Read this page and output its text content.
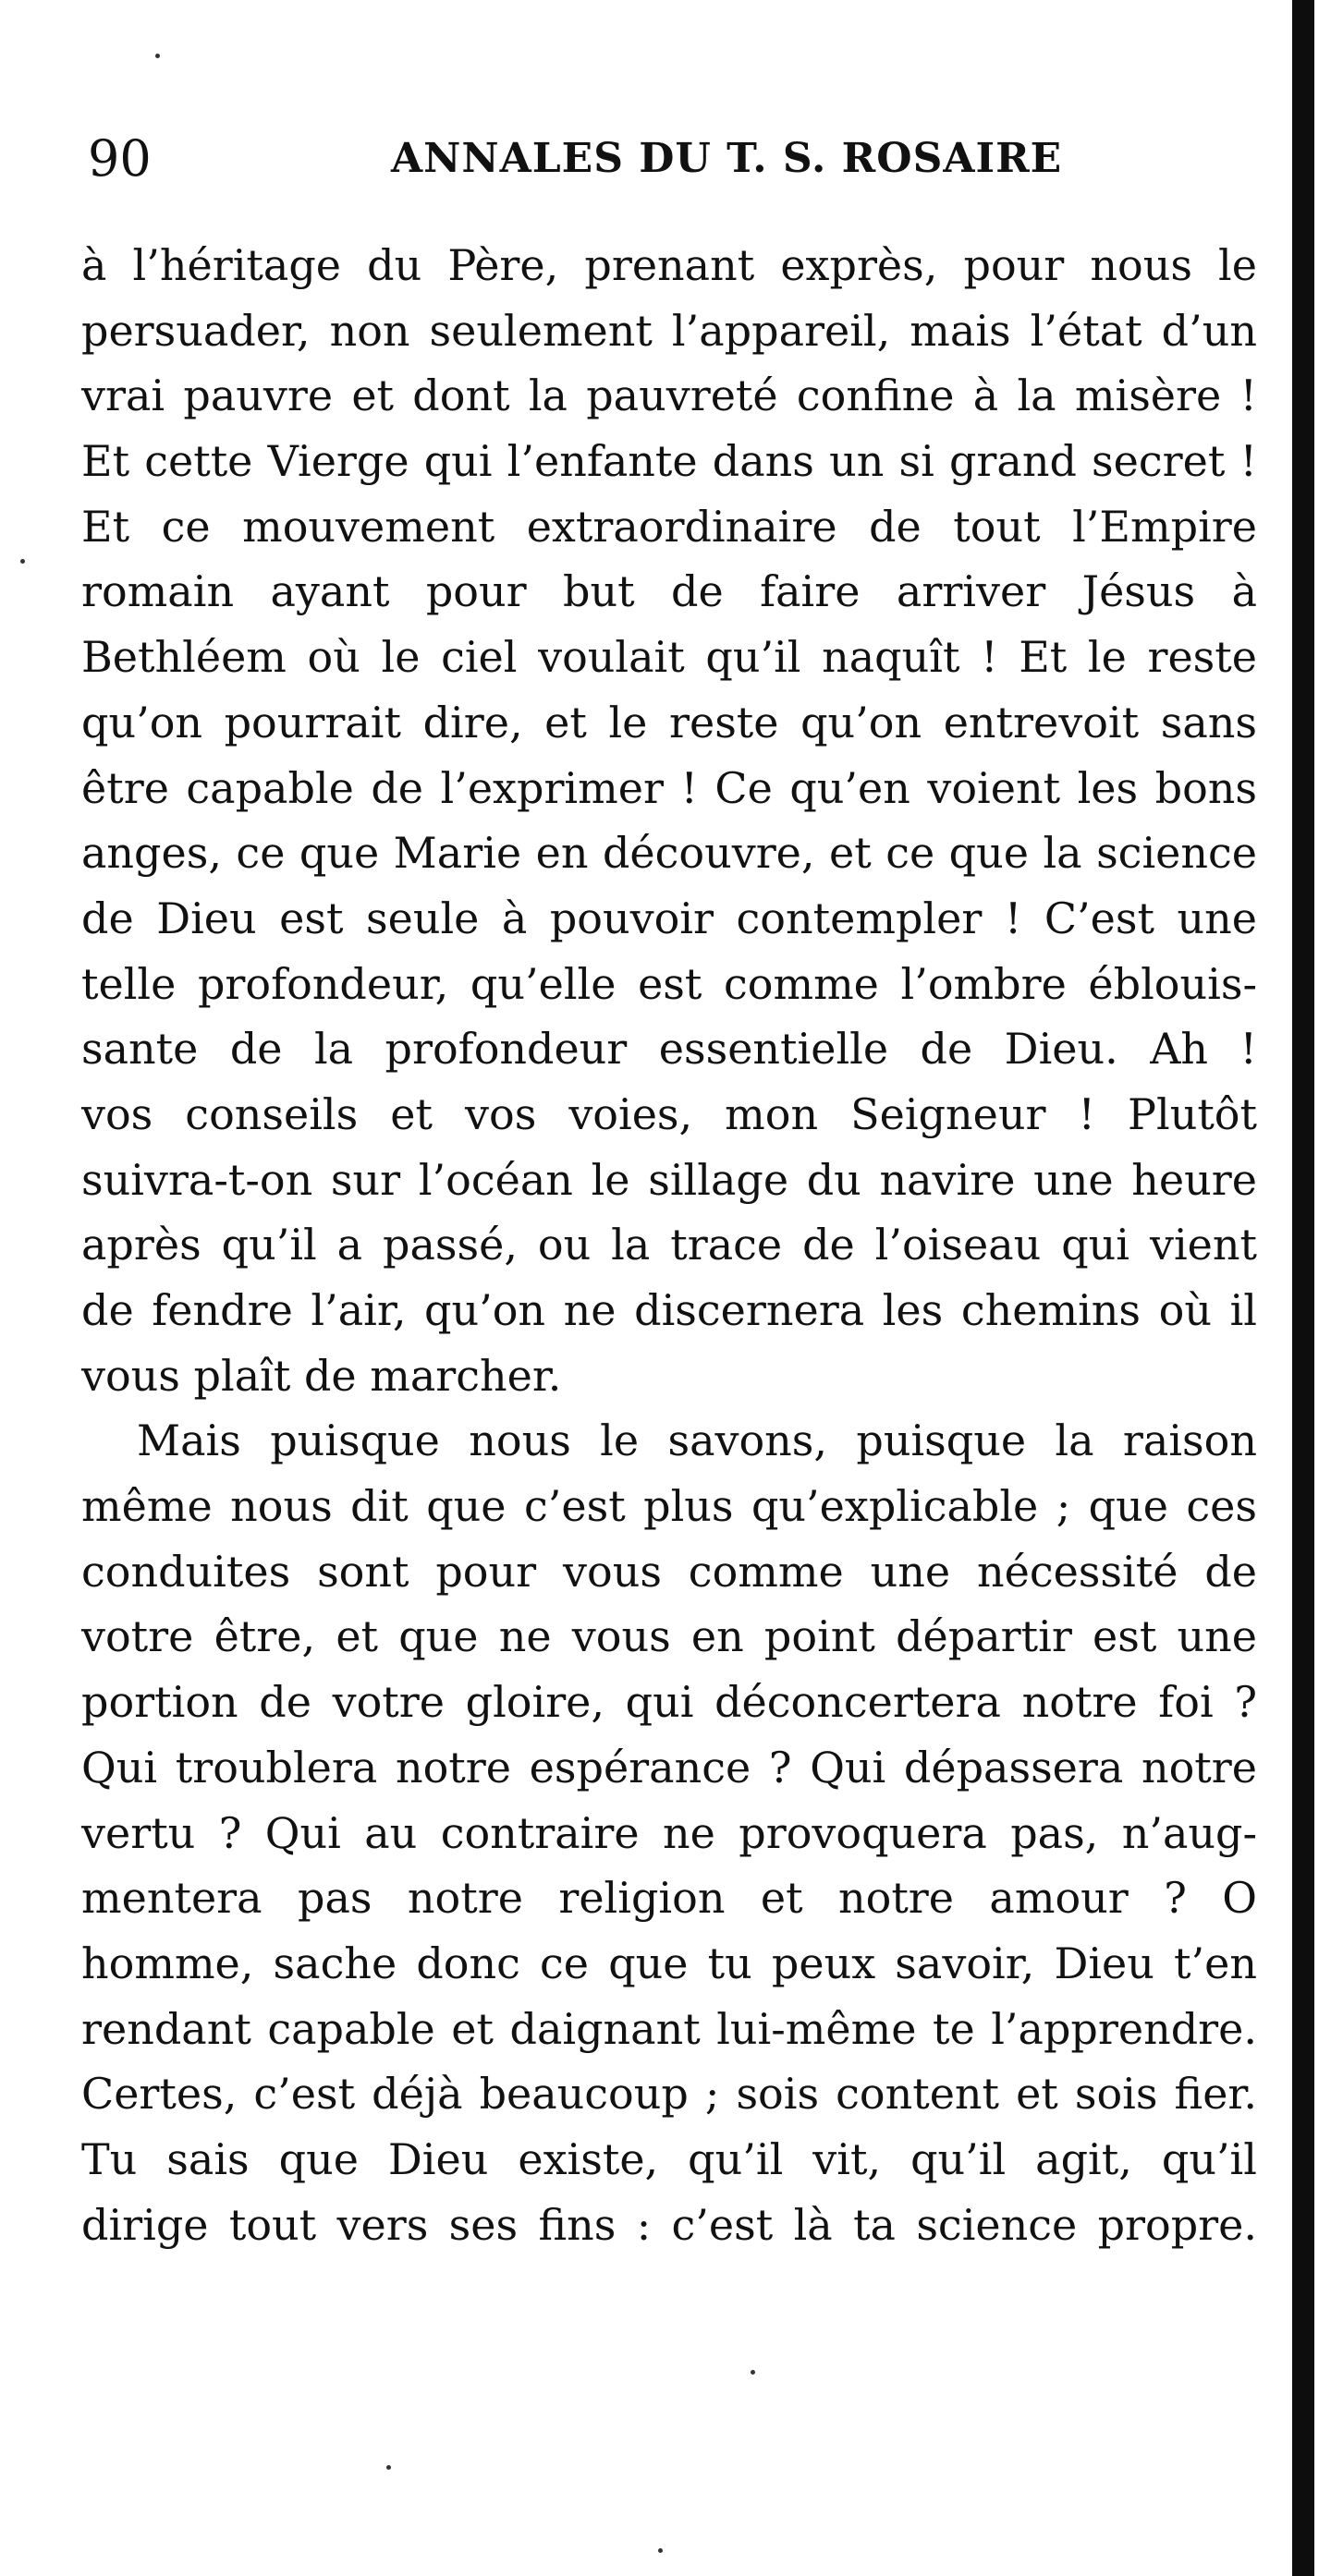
90	ANNALES DU T. S. ROSAIRE
à l’héritage du Père, prenant exprès, pour nous le
persuader, non seulement l’appareil, mais l’état d’un
vrai pauvre et dont la pauvreté confine à la misère !
Et cette Vierge qui l’enfante dans un si grand secret !
Et ce mouvement extraordinaire de tout l’Empire
romain ayant pour but de faire arriver Jésus à
Bethléem où le ciel voulait qu’il naquît ! Et le reste
qu’on pourrait dire, et le reste qu’on entrevoit sans
être capable de l’exprimer ! Ce qu’en voient les bons
anges, ce que Marie en découvre, et ce que la science
de Dieu est seule à pouvoir contempler ! C’est une
telle profondeur, qu’elle est comme l’ombre éblouis-
sante de la profondeur essentielle de Dieu. Ah !
vos conseils et vos voies, mon Seigneur ! Plutôt
suivra-t-on sur l’océan le sillage du navire une heure
après qu’il a passé, ou la trace de l’oiseau qui vient
de fendre l’air, qu’on ne discernera les chemins où il
vous plaît de marcher.
Mais puisque nous le savons, puisque la raison
même nous dit que c’est plus qu’explicable ; que ces
conduites sont pour vous comme une nécessité de
votre être, et que ne vous en point départir est une
portion de votre gloire, qui déconcertera notre foi ?
Qui troublera notre espérance ? Qui dépassera notre
vertu ? Qui au contraire ne provoquera pas, n’aug-
mentera pas notre religion et notre amour ? O
homme, sache donc ce que tu peux savoir, Dieu t’en
rendant capable et daignant lui-même te l’apprendre.
Certes, c’est déjà beaucoup ; sois content et sois fier.
Tu sais que Dieu existe, qu’il vit, qu’il agit, qu’il
dirige tout vers ses fins : c’est là ta science propre.
